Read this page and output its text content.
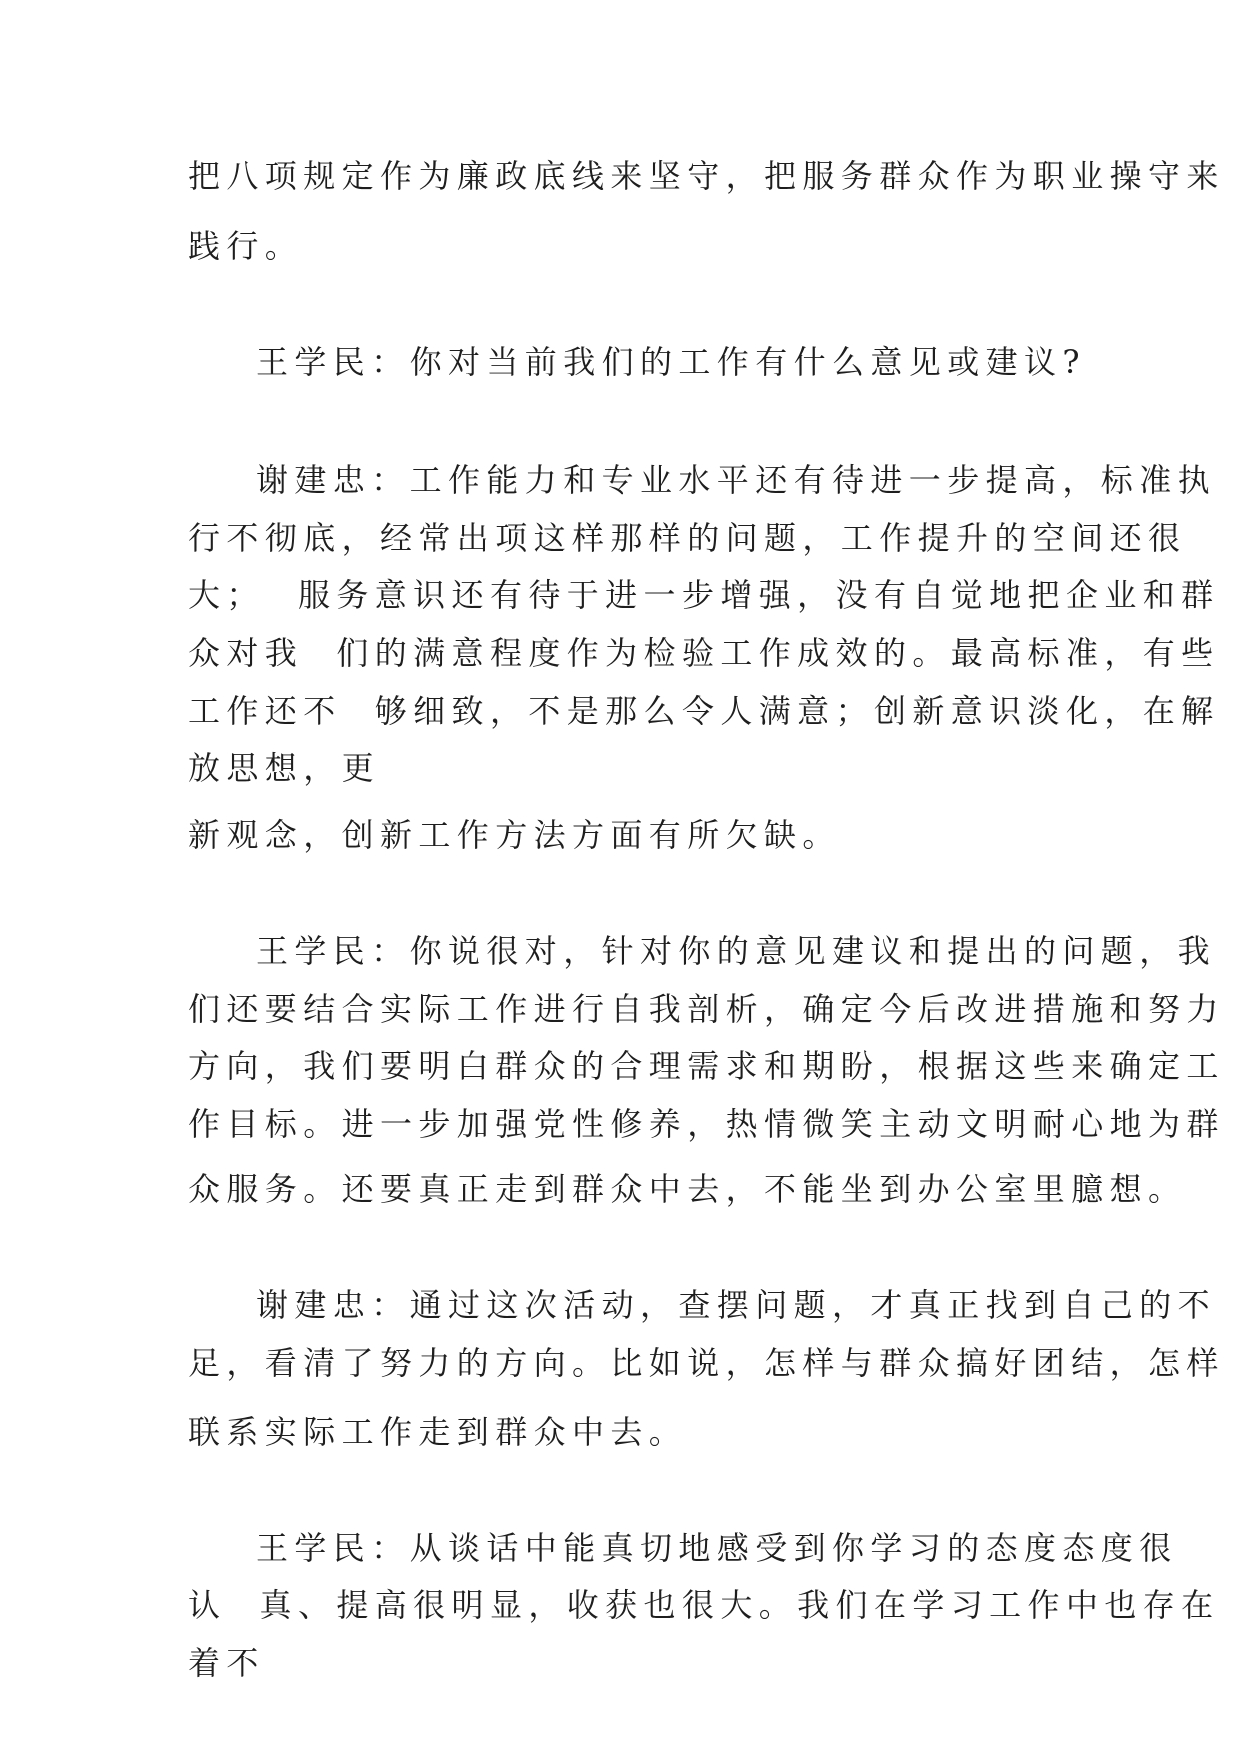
把八项规定作为廉政底线来坚守，把服务群众作为职业操守来

践行。

王学民：你对当前我们的工作有什么意见或建议?

谢建忠：工作能力和专业水平还有待进一步提高，标准执

行不彻底，经常出项这样那样的问题，工作提升的空间还很

大；  服务意识还有待于进一步增强，没有自觉地把企业和群

众对我  们的满意程度作为检验工作成效的。最高标准，有些

工作还不  够细致，不是那么令人满意；创新意识淡化，在解

放思想，更

新观念，创新工作方法方面有所欠缺。

王学民：你说很对，针对你的意见建议和提出的问题，我

们还要结合实际工作进行自我剖析，确定今后改进措施和努力

方向，我们要明白群众的合理需求和期盼，根据这些来确定工

作目标。进一步加强党性修养，热情微笑主动文明耐心地为群

众服务。还要真正走到群众中去，不能坐到办公室里臆想。

谢建忠：通过这次活动，查摆问题，才真正找到自己的不

足，看清了努力的方向。比如说，怎样与群众搞好团结，怎样

联系实际工作走到群众中去。

王学民：从谈话中能真切地感受到你学习的态度态度很

认  真、提高很明显，收获也很大。我们在学习工作中也存在

着不
